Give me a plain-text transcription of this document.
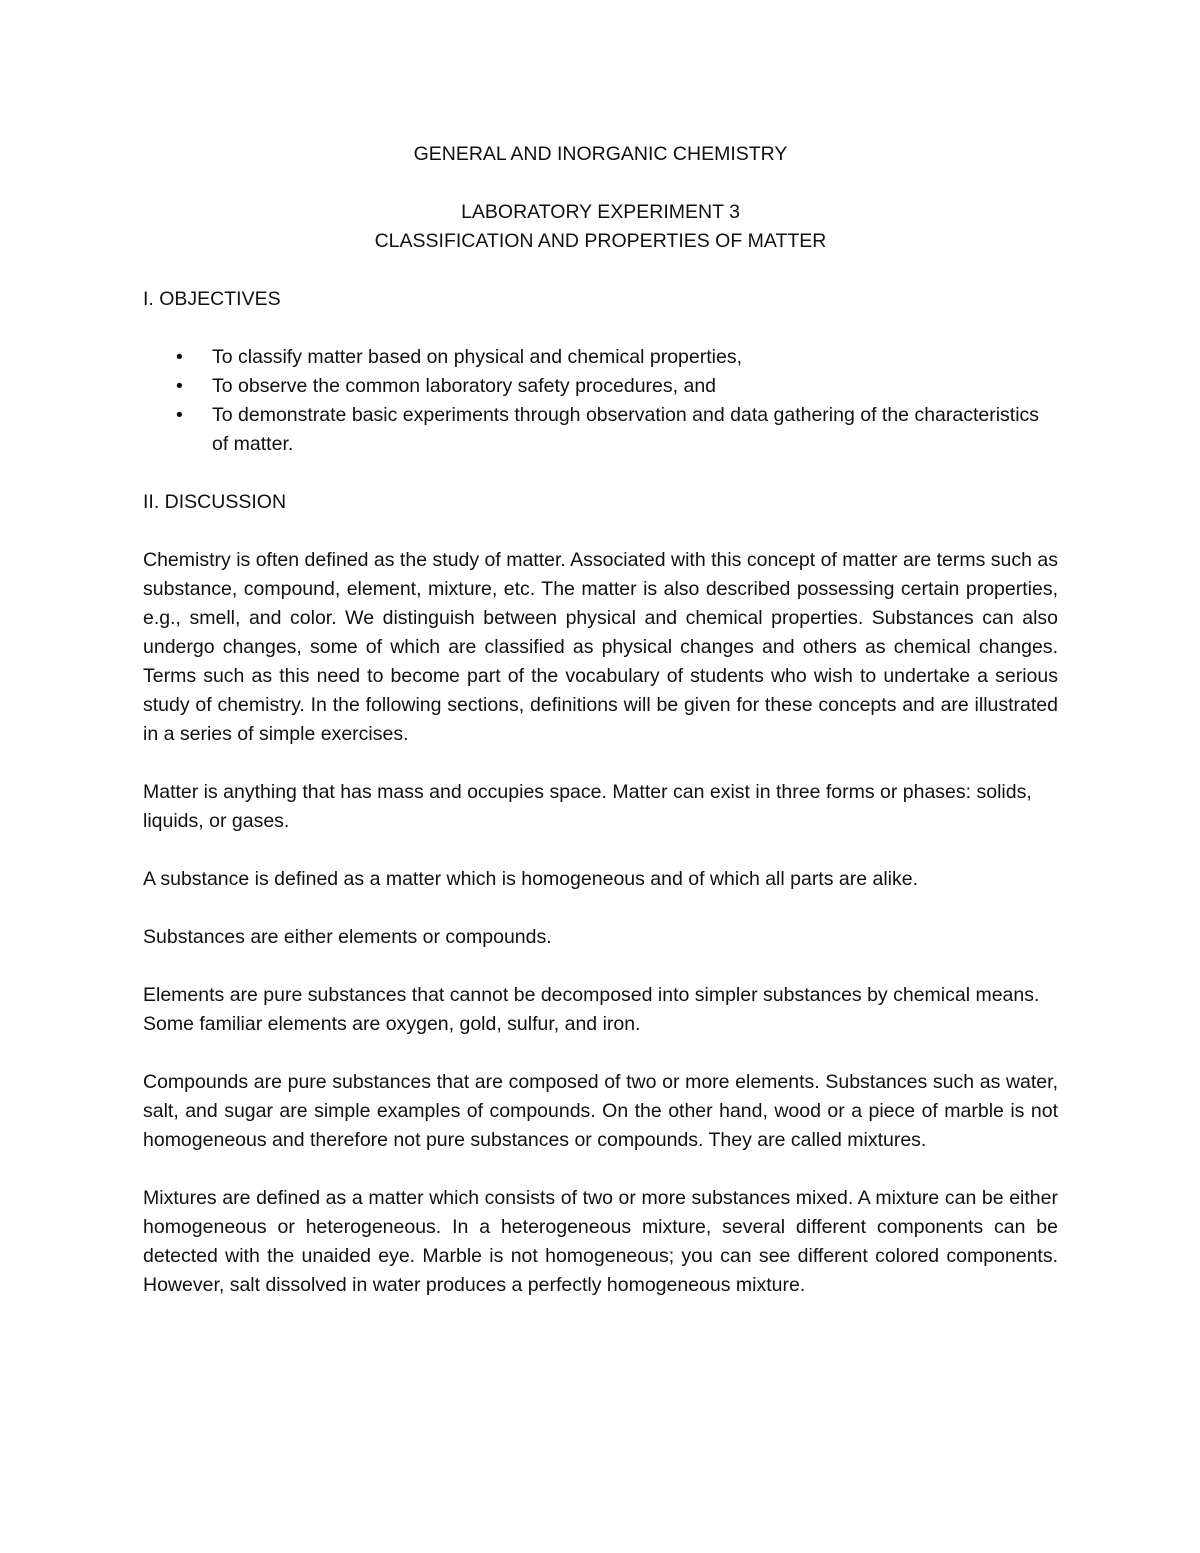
GENERAL AND INORGANIC CHEMISTRY
LABORATORY EXPERIMENT 3
CLASSIFICATION AND PROPERTIES OF MATTER
I. OBJECTIVES
• To classify matter based on physical and chemical properties,
• To observe the common laboratory safety procedures, and
• To demonstrate basic experiments through observation and data gathering of the characteristics of matter.
II. DISCUSSION

Chemistry is often defined as the study of matter. Associated with this concept of matter are terms such as substance, compound, element, mixture, etc. The matter is also described possessing certain properties, e.g., smell, and color. We distinguish between physical and chemical properties. Substances can also undergo changes, some of which are classified as physical changes and others as chemical changes. Terms such as this need to become part of the vocabulary of students who wish to undertake a serious study of chemistry. In the following sections, definitions will be given for these concepts and are illustrated in a series of simple exercises.

Matter is anything that has mass and occupies space. Matter can exist in three forms or phases: solids, liquids, or gases.

A substance is defined as a matter which is homogeneous and of which all parts are alike.

Substances are either elements or compounds.

Elements are pure substances that cannot be decomposed into simpler substances by chemical means. Some familiar elements are oxygen, gold, sulfur, and iron.

Compounds are pure substances that are composed of two or more elements. Substances such as water, salt, and sugar are simple examples of compounds. On the other hand, wood or a piece of marble is not homogeneous and therefore not pure substances or compounds. They are called mixtures.

Mixtures are defined as a matter which consists of two or more substances mixed. A mixture can be either homogeneous or heterogeneous. In a heterogeneous mixture, several different components can be detected with the unaided eye. Marble is not homogeneous; you can see different colored components. However, salt dissolved in water produces a perfectly homogeneous mixture.
